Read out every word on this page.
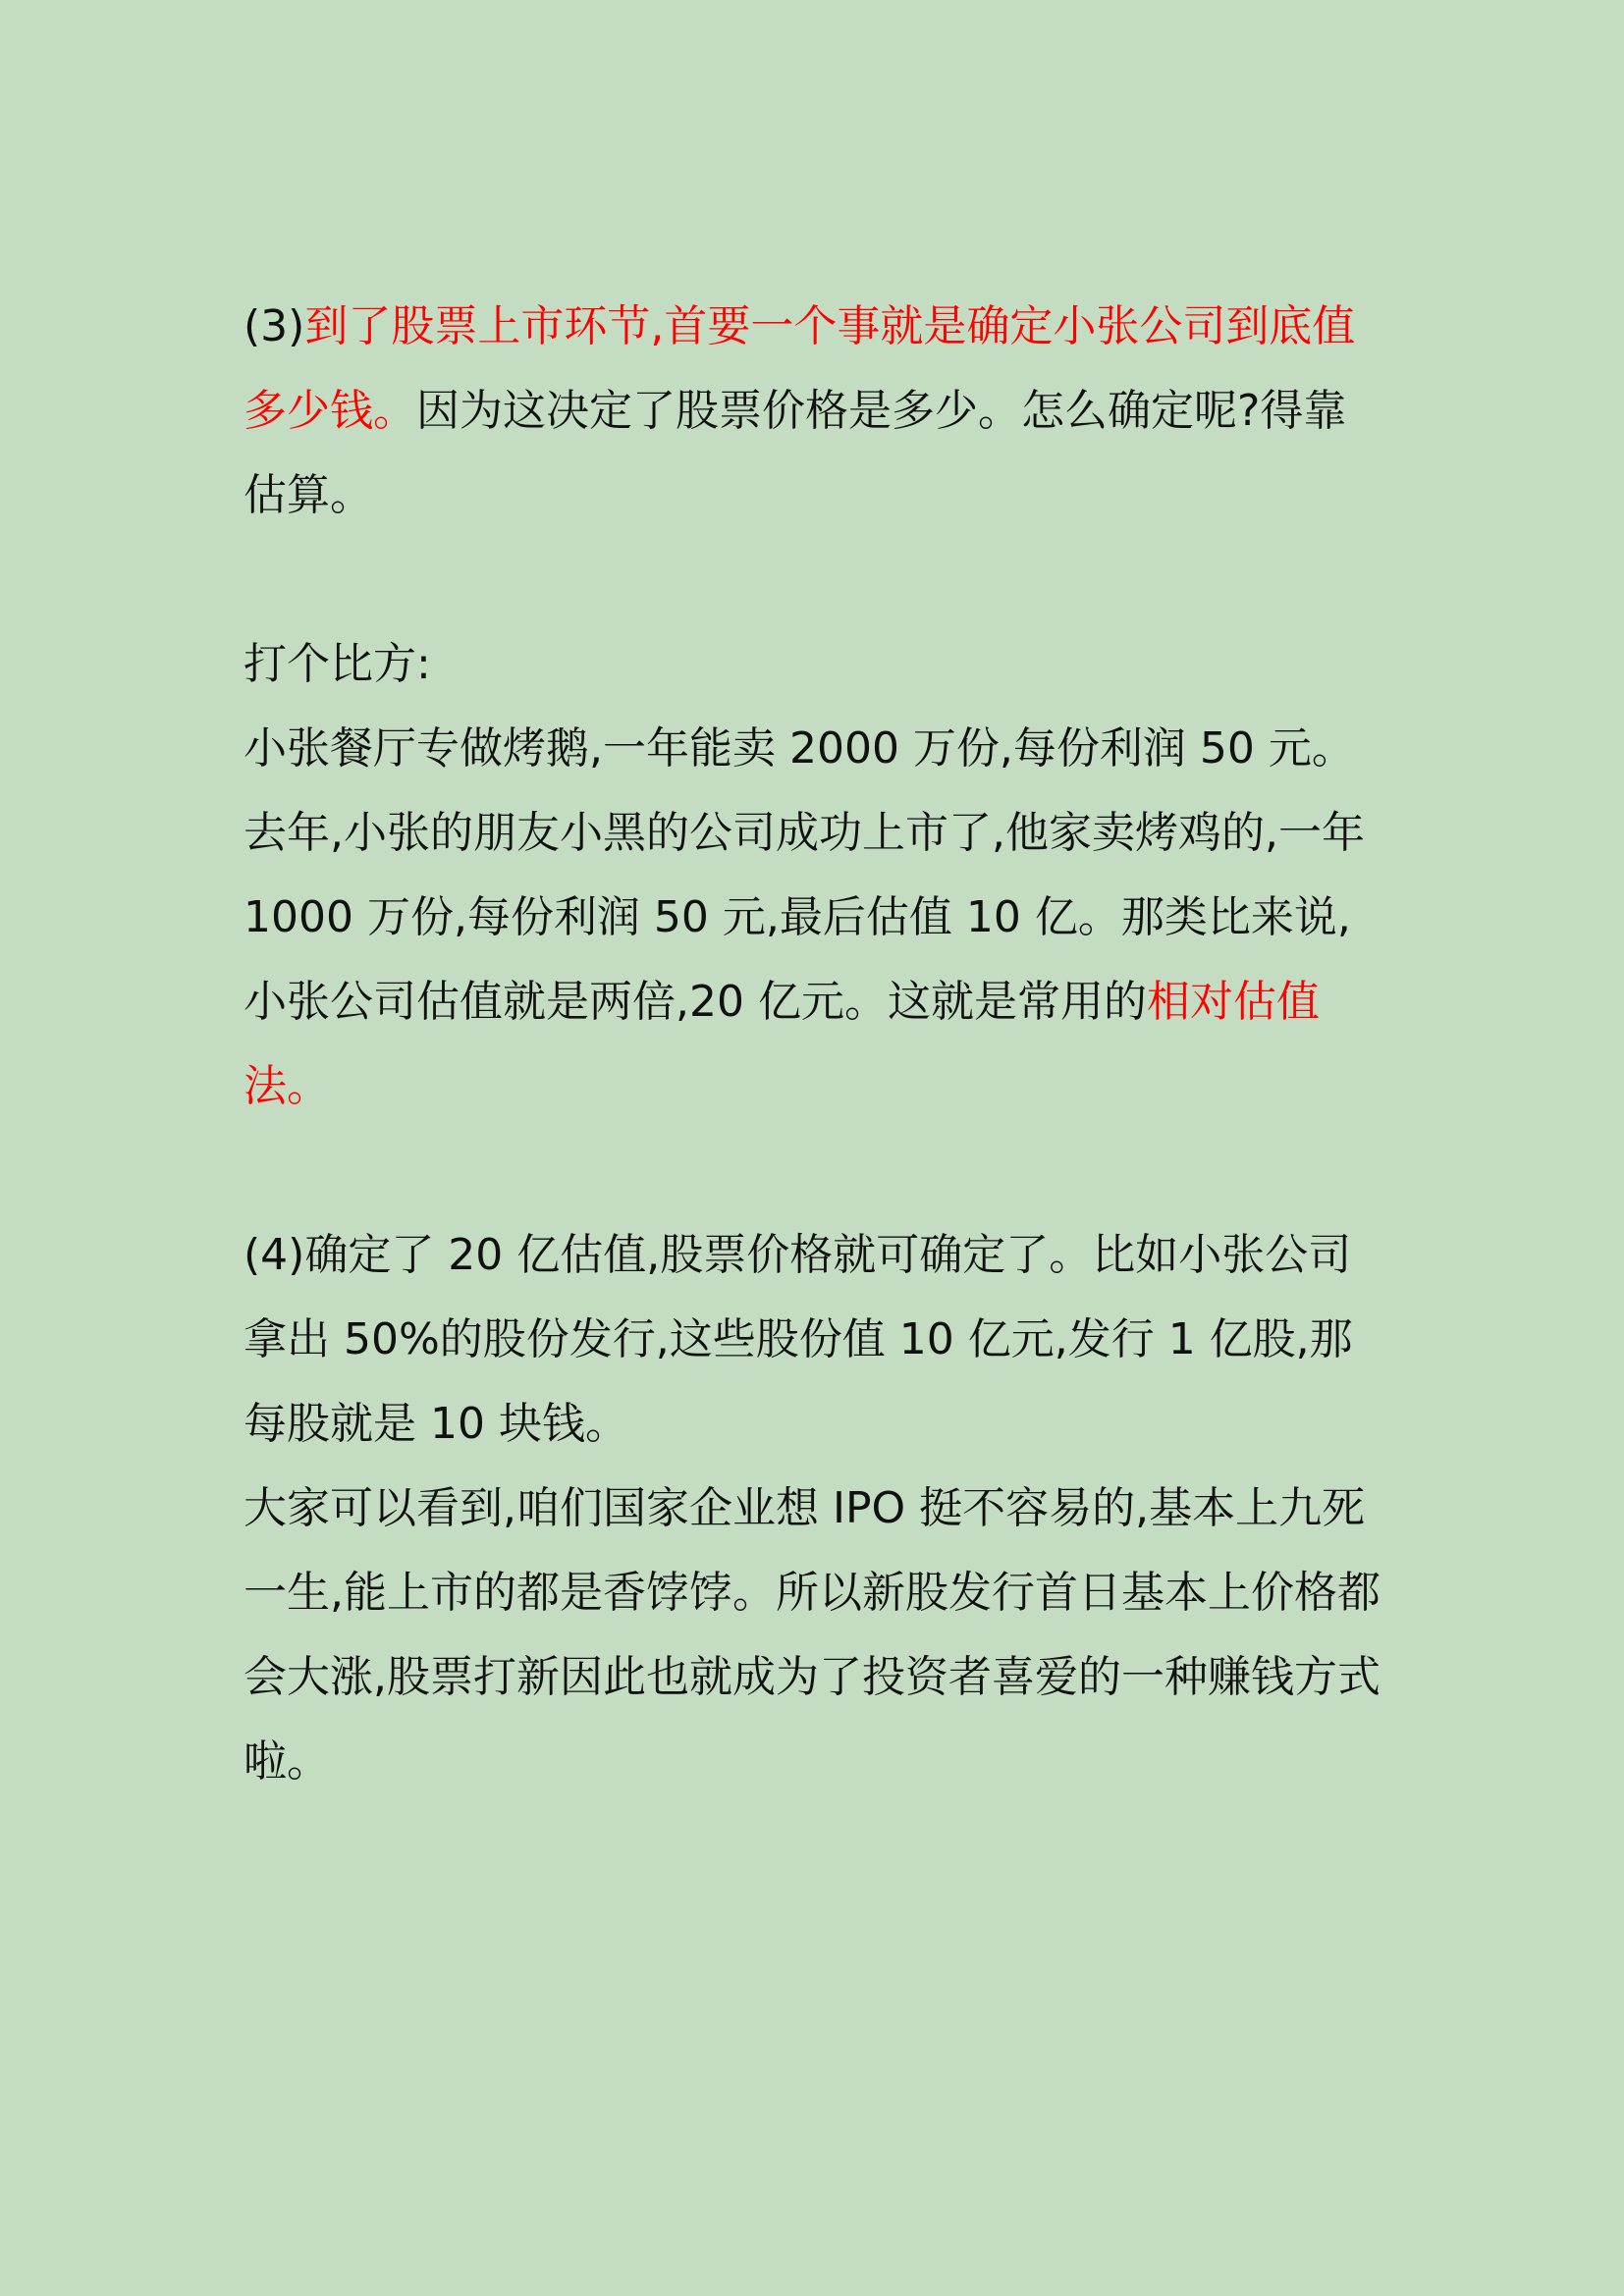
(3)到了股票上市环节,首要一个事就是确定小张公司到底值多少钱。因为这决定了股票价格是多少。怎么确定呢?得靠估算。

打个比方:

小张餐厅专做烤鹅,一年能卖 2000 万份,每份利润 50 元。去年,小张的朋友小黑的公司成功上市了,他家卖烤鸡的,一年 1000 万份,每份利润 50 元,最后估值 10 亿。那类比来说,小张公司估值就是两倍,20 亿元。这就是常用的相对估值法。

(4)确定了 20 亿估值,股票价格就可确定了。比如小张公司拿出 50%的股份发行,这些股份值 10 亿元,发行 1 亿股,那每股就是 10 块钱。

大家可以看到,咱们国家企业想 IPO 挺不容易的,基本上九死一生,能上市的都是香饽饽。所以新股发行首日基本上价格都会大涨,股票打新因此也就成为了投资者喜爱的一种赚钱方式啦。
